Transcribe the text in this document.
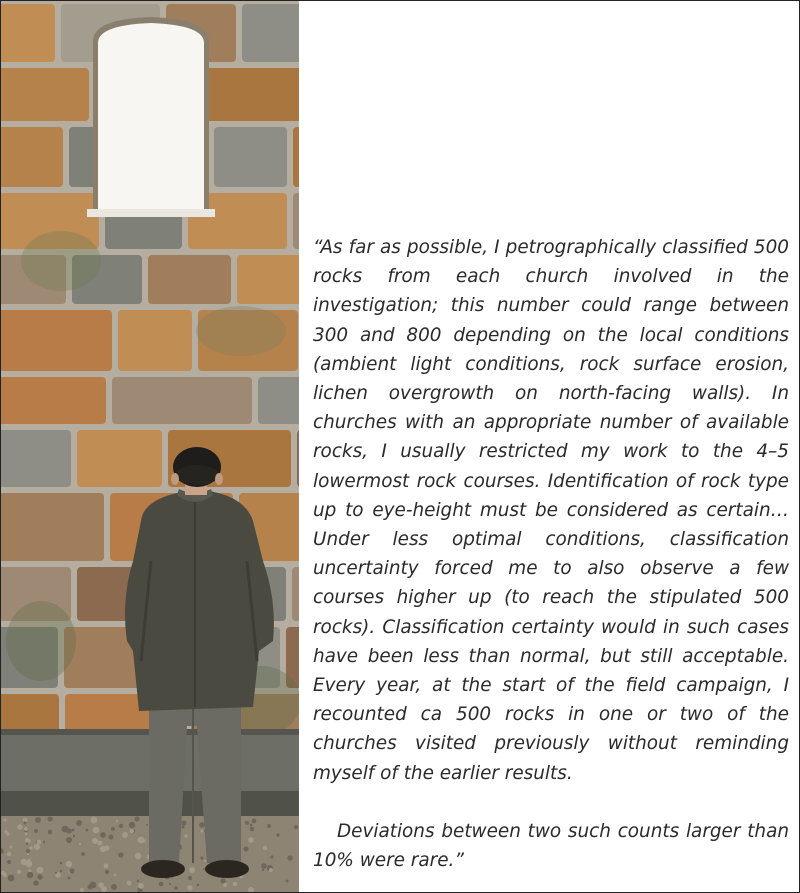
“As far as possible, I petrographically classified 500 rocks from each church involved in the investigation; this number could range between 300 and 800 depending on the local conditions (ambient light conditions, rock surface erosion, lichen overgrowth on north-facing walls). In churches with an appropriate number of available rocks, I usually restricted my work to the 4–5 lowermost rock courses. Identification of rock type up to eye-height must be considered as certain… Under less optimal conditions, classification uncertainty forced me to also observe a few courses higher up (to reach the stipulated 500 rocks). Classification certainty would in such cases have been less than normal, but still acceptable. Every year, at the start of the field campaign, I recounted ca 500 rocks in one or two of the churches visited previously without reminding myself of the earlier results.

Deviations between two such counts larger than 10% were rare.”
